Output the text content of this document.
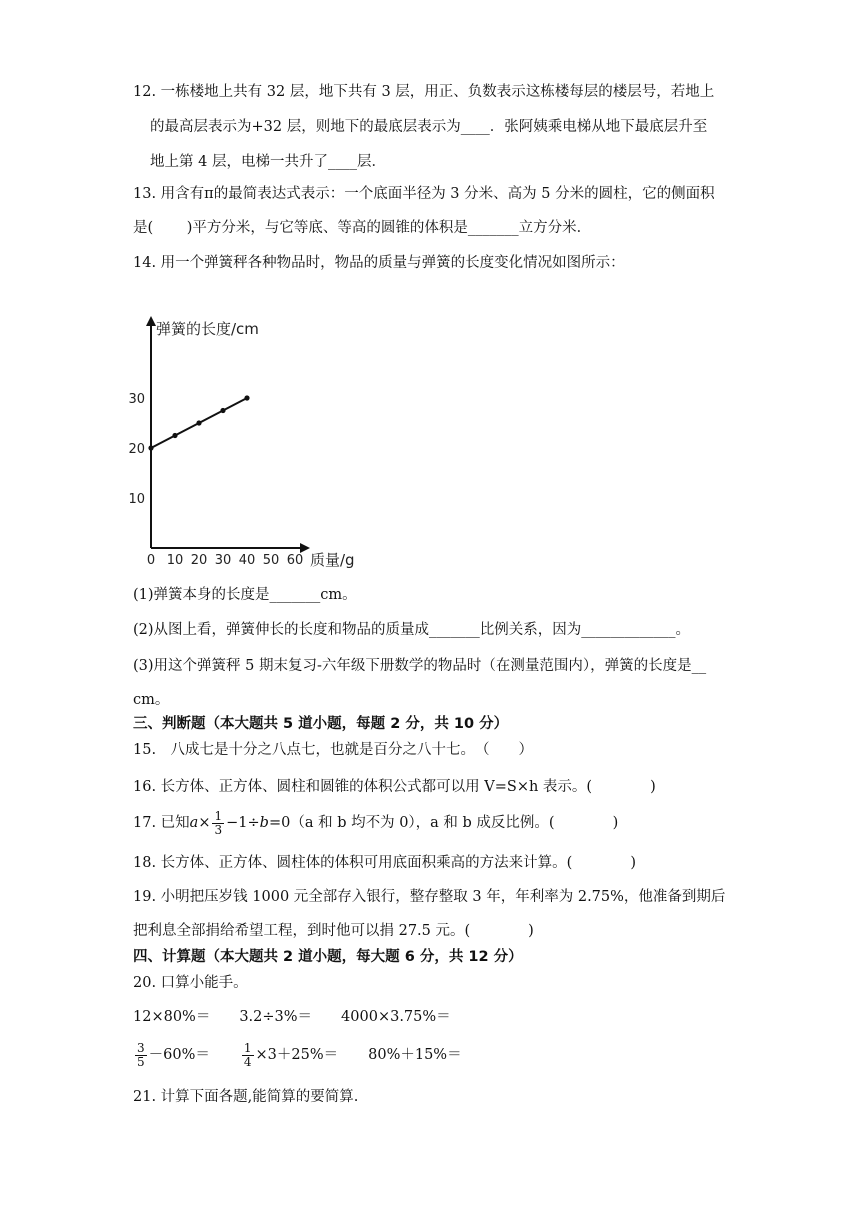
12. 一栋楼地上共有 32 层，地下共有 3 层，用正、负数表示这栋楼每层的楼层号，若地上
的最高层表示为+32 层，则地下的最底层表示为____．张阿姨乘电梯从地下最底层升至
地上第 4 层，电梯一共升了____层．
13. 用含有π的最简表达式表示：一个底面半径为 3 分米、高为 5 分米的圆柱，它的侧面积
是(　　 )平方分米，与它等底、等高的圆锥的体积是_______立方分米．
14. 用一个弹簧秤各种物品时，物品的质量与弹簧的长度变化情况如图所示：
弹簧的长度/cm
质量/g
0 10 20 30 40 50 60
10
20
30
(1)弹簧本身的长度是_______cm。
(2)从图上看，弹簧伸长的长度和物品的质量成_______比例关系，因为_____________。
(3)用这个弹簧秤 5 期末复习-六年级下册数学的物品时（在测量范围内），弹簧的长度是__
cm。
三、判断题（本大题共 5 道小题，每题 2 分，共 10 分）
15.　八成七是十分之八点七，也就是百分之八十七。　（　　）
16. 长方体、正方体、圆柱和圆锥的体积公式都可以用 V=S×h 表示。(　　　　)
17. 已知$a\times \frac{1}{3} -1\div b=0(a$ 和 b 均不为 0），a 和 b 成反比例。(　　　　)
18. 长方体、正方体、圆柱体的体积可用底面积乘高的方法来计算。(　　　　)
19. 小明把压岁钱 1000 元全部存入银行，整存整取 3 年，年利率为 2.75%，他准备到期后
把利息全部捐给希望工程，到时他可以捐 27.5 元。(　　　　)
四、计算题（本大题共 2 道小题，每大题 6 分，共 12 分）
20. 口算小能手。
12×80%＝　　3.2÷3%＝　　4000×3.75%＝
$\frac{3}{5} -60\%=$	$\frac{1}{4} \times 3+25\%= 80\%+15\%=$
21. 计算下面各题,能简算的要简算.
